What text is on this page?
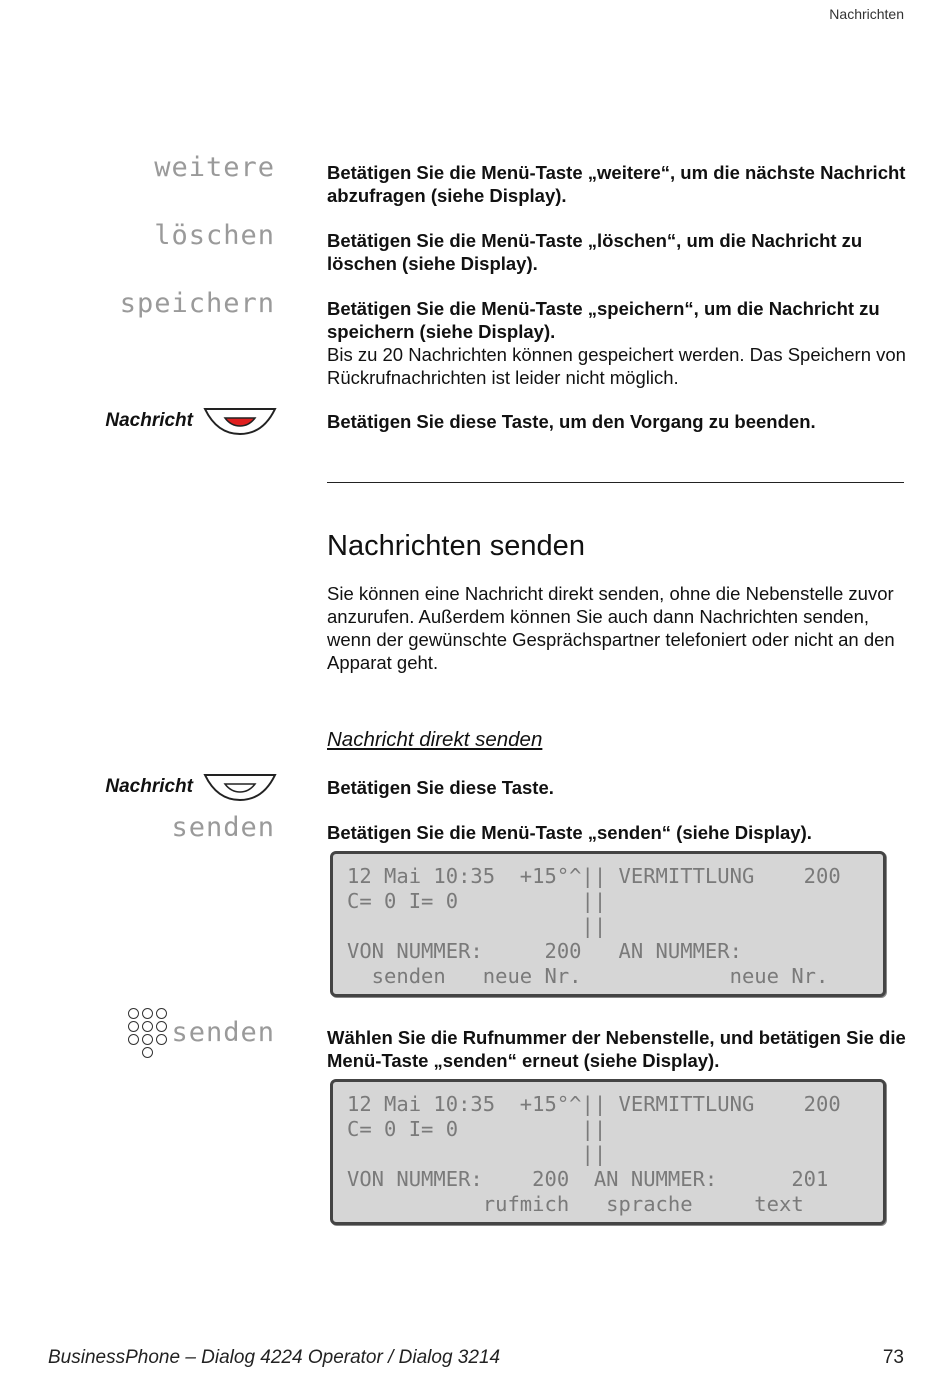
Nachrichten
weitere	Betätigen Sie die Menü-Taste „weitere“, um die nächste Nachricht abzufragen (siehe Display).
löschen	Betätigen Sie die Menü-Taste „löschen“, um die Nachricht zu löschen (siehe Display).
speichern	Betätigen Sie die Menü-Taste „speichern“, um die Nachricht zu speichern (siehe Display).
Bis zu 20 Nachrichten können gespeichert werden. Das Speichern von Rückrufnachrichten ist leider nicht möglich.
Nachricht	Betätigen Sie diese Taste, um den Vorgang zu beenden.
Nachrichten senden
Sie können eine Nachricht direkt senden, ohne die Nebenstelle zuvor anzurufen. Außerdem können Sie auch dann Nachrichten senden, wenn der gewünschte Gesprächspartner telefoniert oder nicht an den Apparat geht.
Nachricht direkt senden
Nachricht	Betätigen Sie diese Taste.
senden	Betätigen Sie die Menü-Taste „senden“ (siehe Display).
12 Mai 10:35  +15°^|| VERMITTLUNG    200
C= 0 I= 0          ||
||
VON NUMMER:     200   AN NUMMER:
senden   neue Nr.            neue Nr.
senden	Wählen Sie die Rufnummer der Nebenstelle, und betätigen Sie die Menü-Taste „senden“ erneut (siehe Display).
12 Mai 10:35  +15°^|| VERMITTLUNG    200
C= 0 I= 0          ||
||
VON NUMMER:    200  AN NUMMER:      201
rufmich   sprache     text
BusinessPhone – Dialog 4224 Operator / Dialog 3214	73
